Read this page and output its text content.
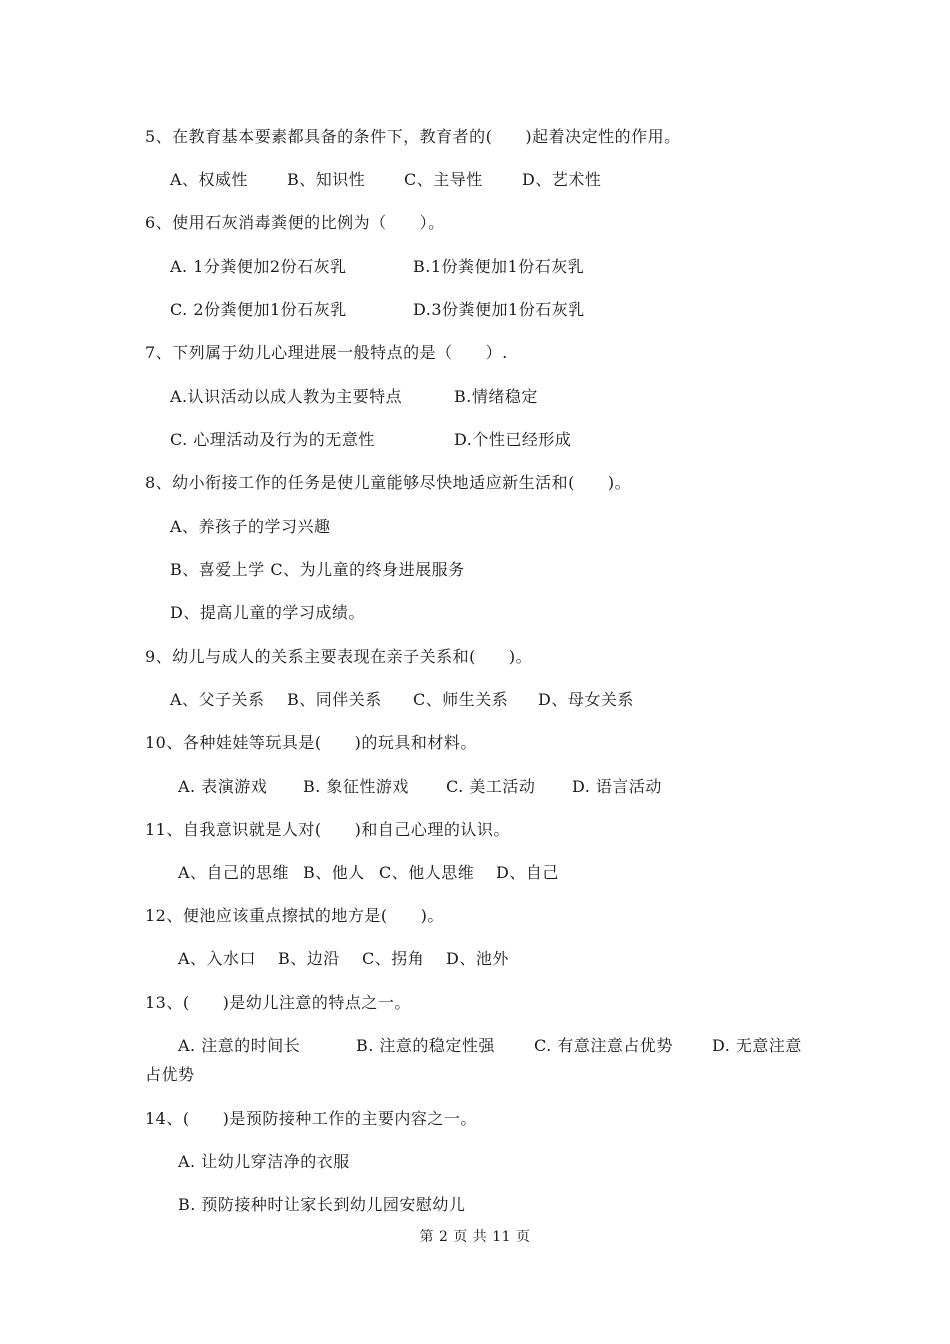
5、在教育基本要素都具备的条件下，教育者的(　　)起着决定性的作用。
A、权威性 B、知识性 C、主导性 D、艺术性
6、使用石灰消毒粪便的比例为（　　）。
A. 1分粪便加2份石灰乳	B.1份粪便加1份石灰乳
C. 2份粪便加1份石灰乳	D.3份粪便加1份石灰乳
7、下列属于幼儿心理进展一般特点的是（　　）.
A.认识活动以成人教为主要特点	B.情绪稳定
C. 心理活动及行为的无意性	D.个性已经形成
8、幼小衔接工作的任务是使儿童能够尽快地适应新生活和(　　)。
A、养孩子的学习兴趣
B、喜爱上学 C、为儿童的终身进展服务
D、提高儿童的学习成绩。
9、幼儿与成人的关系主要表现在亲子关系和(　　)。
A、父子关系 B、同伴关系 C、师生关系 D、母女关系
10、各种娃娃等玩具是(　　)的玩具和材料。
A. 表演游戏 B. 象征性游戏 C. 美工活动 D. 语言活动
11、自我意识就是人对(　　)和自己心理的认识。
A、自己的思维 B、他人 C、他人思维 D、自己
12、便池应该重点擦拭的地方是(　　)。
A、入水口 B、边沿 C、拐角 D、池外
13、(　　)是幼儿注意的特点之一。
A. 注意的时间长	B. 注意的稳定性强 C. 有意注意占优势 D. 无意注意
占优势
14、(　　)是预防接种工作的主要内容之一。
A. 让幼儿穿洁净的衣服
B. 预防接种时让家长到幼儿园安慰幼儿
第 2 页 共 11 页
